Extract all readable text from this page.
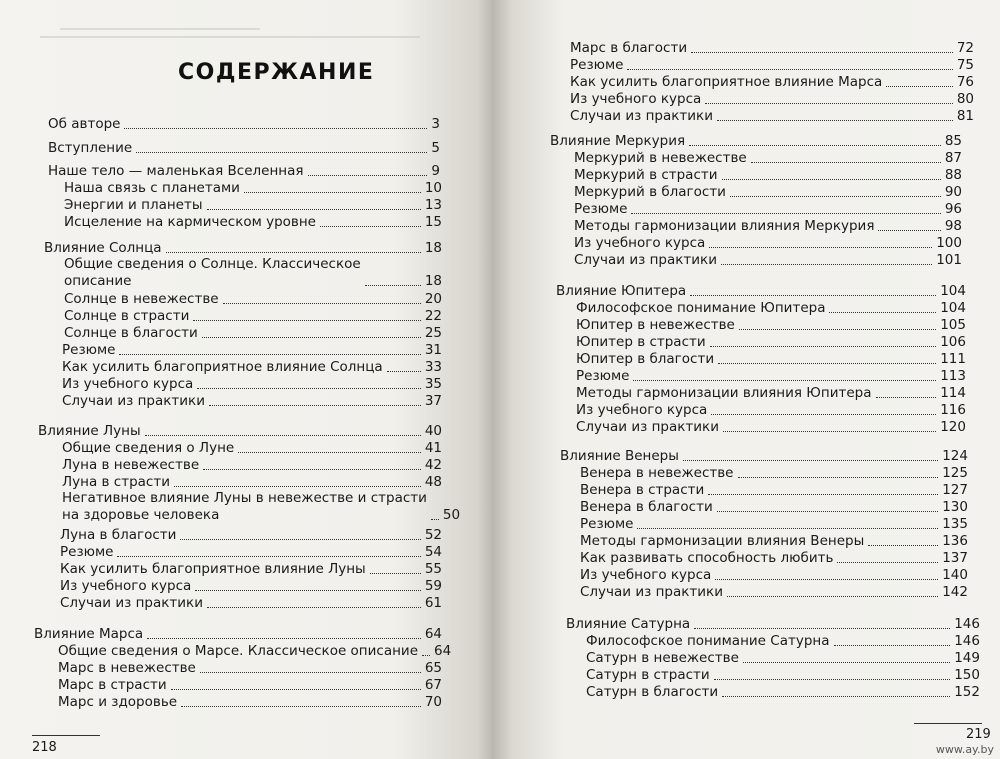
СОДЕРЖАНИЕ
Об авторе	3
Вступление	5
Наше тело — маленькая Вселенная	9
Наша связь с планетами	10
Энергии и планеты	13
Исцеление на кармическом уровне	15
Влияние Солнца	18
Общие сведения о Солнце. Классическое
описание	18
Солнце в невежестве	20
Солнце в страсти	22
Солнце в благости	25
Резюме	31
Как усилить благоприятное влияние Солнца	33
Из учебного курса	35
Случаи из практики	37
Влияние Луны	40
Общие сведения о Луне	41
Луна в невежестве	42
Луна в страсти	48
Негативное влияние Луны в невежестве и страсти
на здоровье человека	50
Луна в благости	52
Резюме	54
Как усилить благоприятное влияние Луны	55
Из учебного курса	59
Случаи из практики	61
Влияние Марса	64
Общие сведения о Марсе. Классическое описание 64
Марс в невежестве	65
Марс в страсти	67
Марс и здоровье	70
218
Марс в благости	72
Резюме	75
Как усилить благоприятное влияние Марса	76
Из учебного курса	80
Случаи из практики	81
Влияние Меркурия	85
Меркурий в невежестве	87
Меркурий в страсти	88
Меркурий в благости	90
Резюме	96
Методы гармонизации влияния Меркурия	98
Из учебного курса	100
Случаи из практики	101
Влияние Юпитера	104
Философское понимание Юпитера	104
Юпитер в невежестве	105
Юпитер в страсти	106
Юпитер в благости	111
Резюме	113
Методы гармонизации влияния Юпитера	114
Из учебного курса	116
Случаи из практики	120
Влияние Венеры	124
Венера в невежестве	125
Венера в страсти	127
Венера в благости	130
Резюме	135
Методы гармонизации влияния Венеры	136
Как развивать способность любить	137
Из учебного курса	140
Случаи из практики	142
Влияние Сатурна	146
Философское понимание Сатурна	146
Сатурн в невежестве	149
Сатурн в страсти	150
Сатурн в благости	152
219
www.ay.by
